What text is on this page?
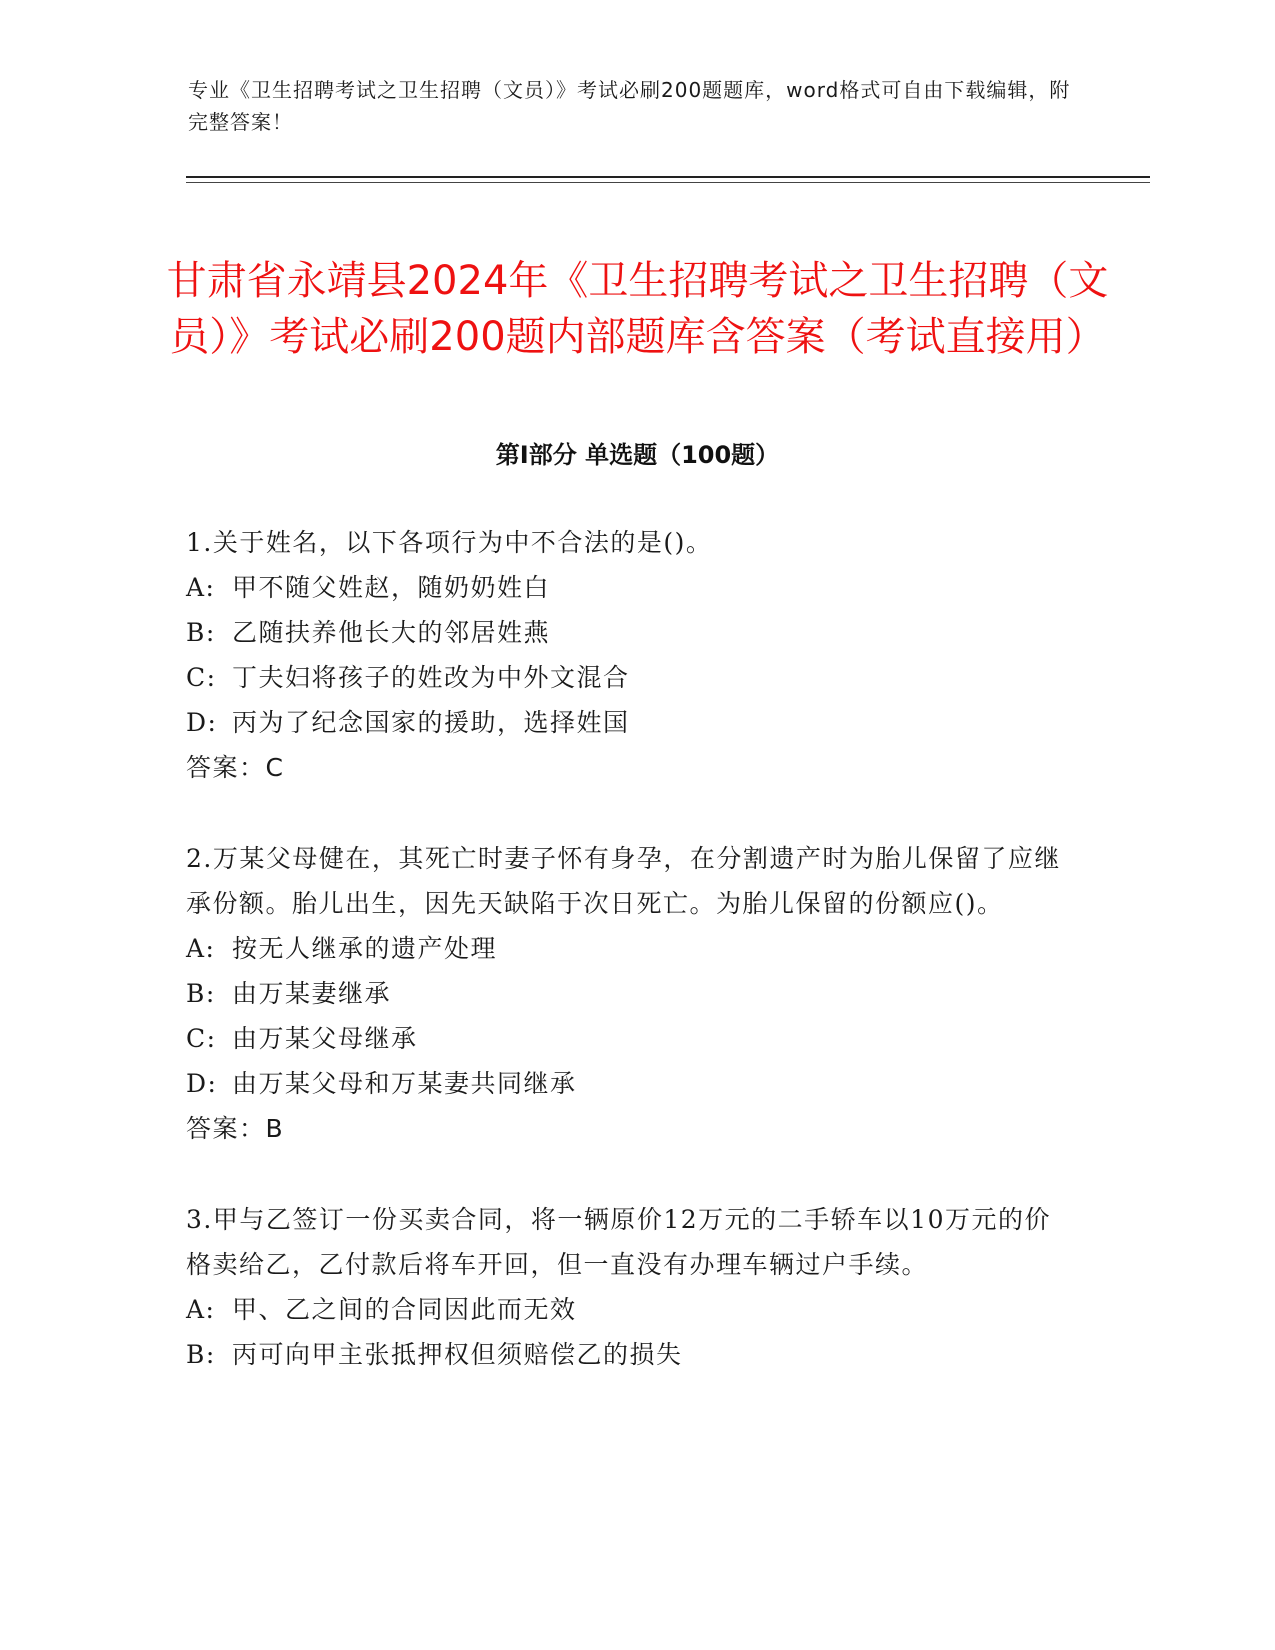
专业《卫生招聘考试之卫生招聘（文员）》考试必刷200题题库，word格式可自由下载编辑，附完整答案！
甘肃省永靖县2024年《卫生招聘考试之卫生招聘（文员）》考试必刷200题内部题库含答案（考试直接用）
第Ⅰ部分 单选题（100题）

1.关于姓名，以下各项行为中不合法的是()。

A: 甲不随父姓赵，随奶奶姓白

B: 乙随扶养他长大的邻居姓燕

C: 丁夫妇将孩子的姓改为中外文混合

D: 丙为了纪念国家的援助，选择姓国

答案：C

2.万某父母健在，其死亡时妻子怀有身孕，在分割遗产时为胎儿保留了应继承份额。胎儿出生，因先天缺陷于次日死亡。为胎儿保留的份额应()。

A: 按无人继承的遗产处理

B: 由万某妻继承

C: 由万某父母继承

D: 由万某父母和万某妻共同继承

答案：B

3.甲与乙签订一份买卖合同，将一辆原价12万元的二手轿车以10万元的价格卖给乙，乙付款后将车开回，但一直没有办理车辆过户手续。

A: 甲、乙之间的合同因此而无效

B: 丙可向甲主张抵押权但须赔偿乙的损失
